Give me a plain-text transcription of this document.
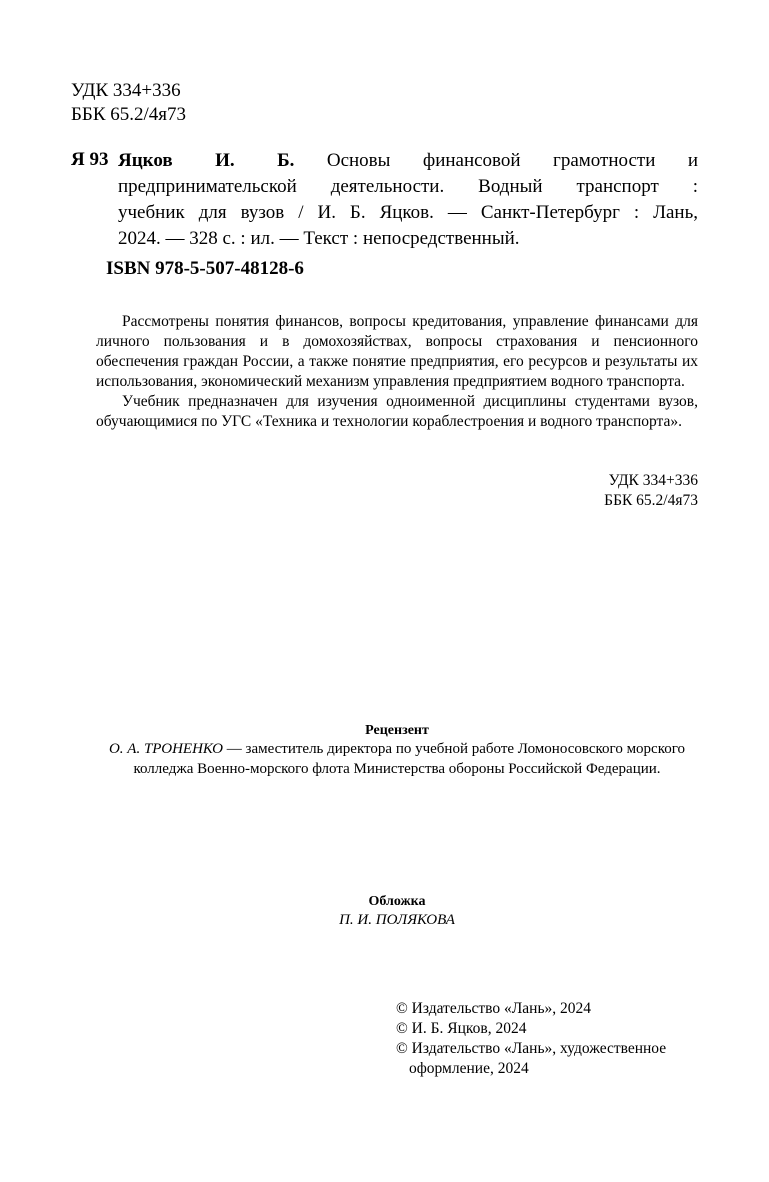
УДК 334+336
ББК 65.2/4я73
Я 93 Яцков И. Б. Основы финансовой грамотности и
предпринимательской деятельности. Водный транспорт :
учебник для вузов / И. Б. Яцков. — Санкт-Петербург : Лань,
2024. — 328 с. : ил. — Текст : непосредственный.
ISBN 978-5-507-48128-6

Рассмотрены понятия финансов, вопросы кредитования, управление финансами для личного пользования и в домохозяйствах, вопросы страхования и пенсионного обеспечения граждан России, а также понятие предприятия, его ресурсов и результаты их использования, экономический механизм управления предприятием водного транспорта.

Учебник предназначен для изучения одноименной дисциплины студентами вузов, обучающимися по УГС «Техника и технологии кораблестроения и водного транспорта».

УДК 334+336
ББК 65.2/4я73
Рецензент
О. А. ТРОНЕНКО — заместитель директора по учебной работе Ломоносовского морского
колледжа Военно-морского флота Министерства обороны Российской Федерации.
Обложка
П. И. ПОЛЯКОВА
© Издательство «Лань», 2024
© И. Б. Яцков, 2024
© Издательство «Лань», художественное
оформление, 2024
